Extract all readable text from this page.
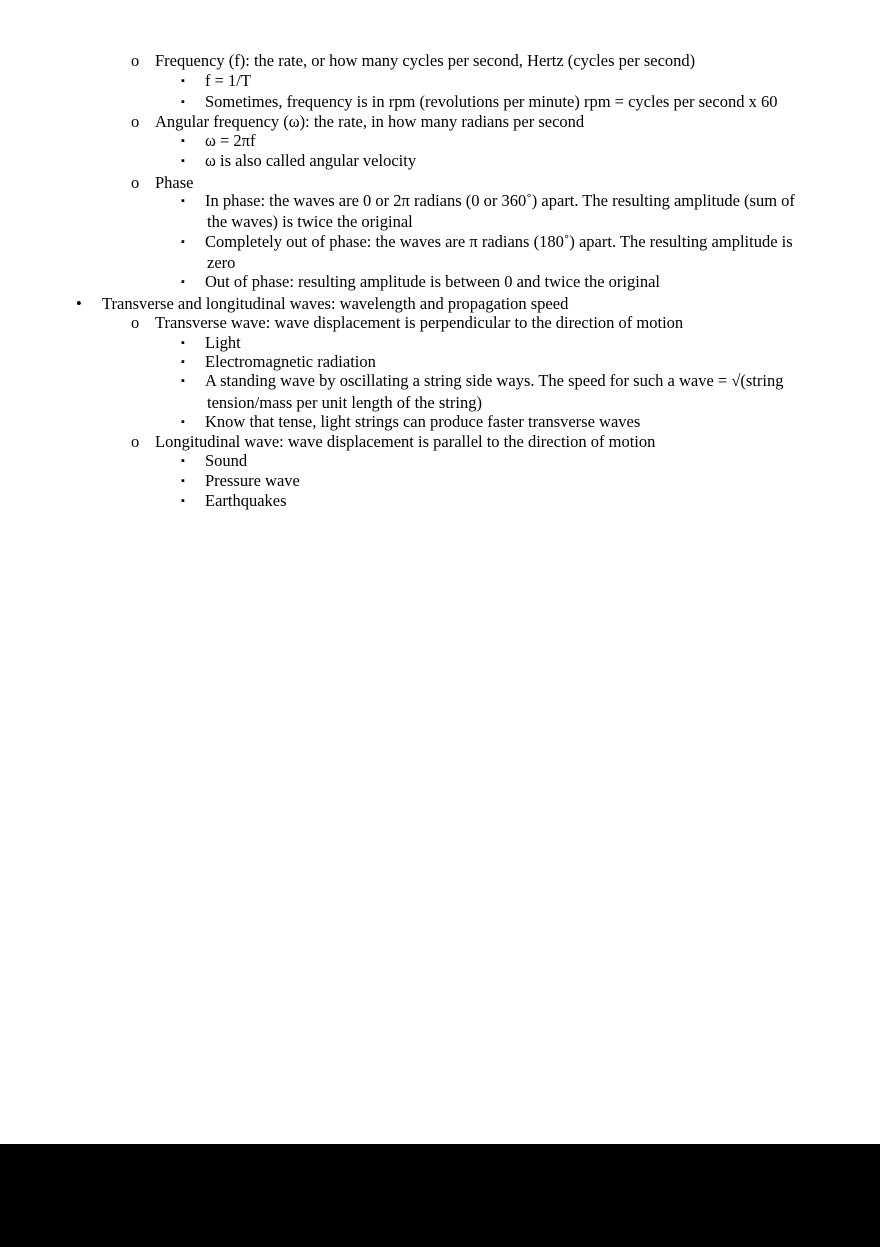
o Frequency (f): the rate, or how many cycles per second, Hertz (cycles per second)
▪ f = 1/T
▪ Sometimes, frequency is in rpm (revolutions per minute) rpm = cycles per second x 60
o Angular frequency (ω): the rate, in how many radians per second
▪ ω = 2πf
▪ ω is also called angular velocity
o Phase
▪ In phase: the waves are 0 or 2π radians (0 or 360˚) apart. The resulting amplitude (sum of
the waves) is twice the original
▪ Completely out of phase: the waves are π radians (180˚) apart. The resulting amplitude is
zero
▪ Out of phase: resulting amplitude is between 0 and twice the original
• Transverse and longitudinal waves: wavelength and propagation speed
o Transverse wave: wave displacement is perpendicular to the direction of motion
▪ Light
▪ Electromagnetic radiation
▪ A standing wave by oscillating a string side ways. The speed for such a wave = √(string
tension/mass per unit length of the string)
▪ Know that tense, light strings can produce faster transverse waves
o Longitudinal wave: wave displacement is parallel to the direction of motion
▪ Sound
▪ Pressure wave
▪ Earthquakes
